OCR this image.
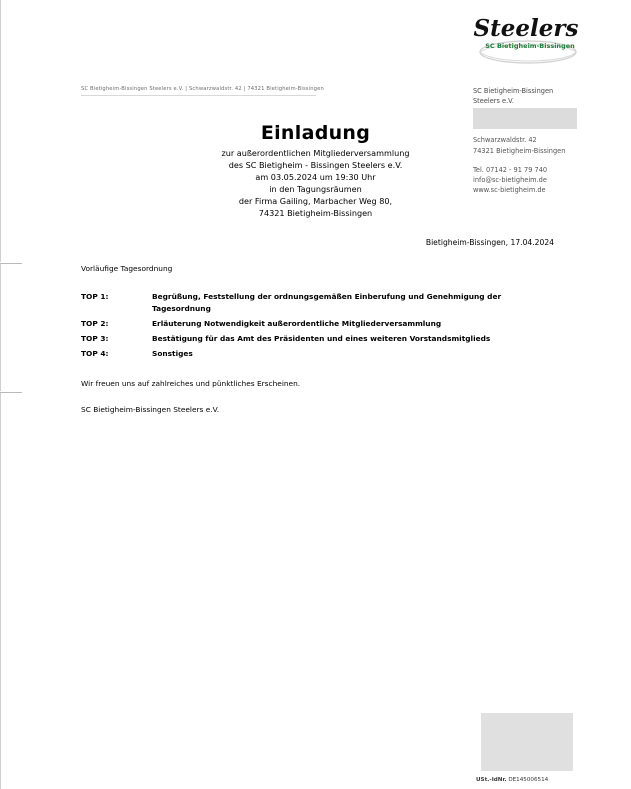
Steelers
SC Bietigheim-Bissingen
SC Bietigheim-Bissingen Steelers e.V. | Schwarzwaldstr. 42 | 74321 Bietigheim-Bissingen	SC Bietigheim-Bissingen
Steelers e.V.
Schwarzwaldstr. 42
74321 Bietigheim-Bissingen
Tel. 07142 - 91 79 740
info@sc-bietigheim.de
www.sc-bietigheim.de
Einladung
zur außerordentlichen Mitgliederversammlung
des SC Bietigheim - Bissingen Steelers e.V.
am 03.05.2024 um 19:30 Uhr
in den Tagungsräumen
der Firma Gailing, Marbacher Weg 80,
74321 Bietigheim-Bissingen
Bietigheim-Bissingen, 17.04.2024
Vorläufige Tagesordnung
TOP 1:	Begrüßung, Feststellung der ordnungsgemäßen Einberufung und Genehmigung der Tagesordnung
TOP 2:	Erläuterung Notwendigkeit außerordentliche Mitgliederversammlung
TOP 3:	Bestätigung für das Amt des Präsidenten und eines weiteren Vorstandsmitglieds
TOP 4:	Sonstiges
Wir freuen uns auf zahlreiches und pünktliches Erscheinen.
SC Bietigheim-Bissingen Steelers e.V.
USt.-IdNr. DE145006514
